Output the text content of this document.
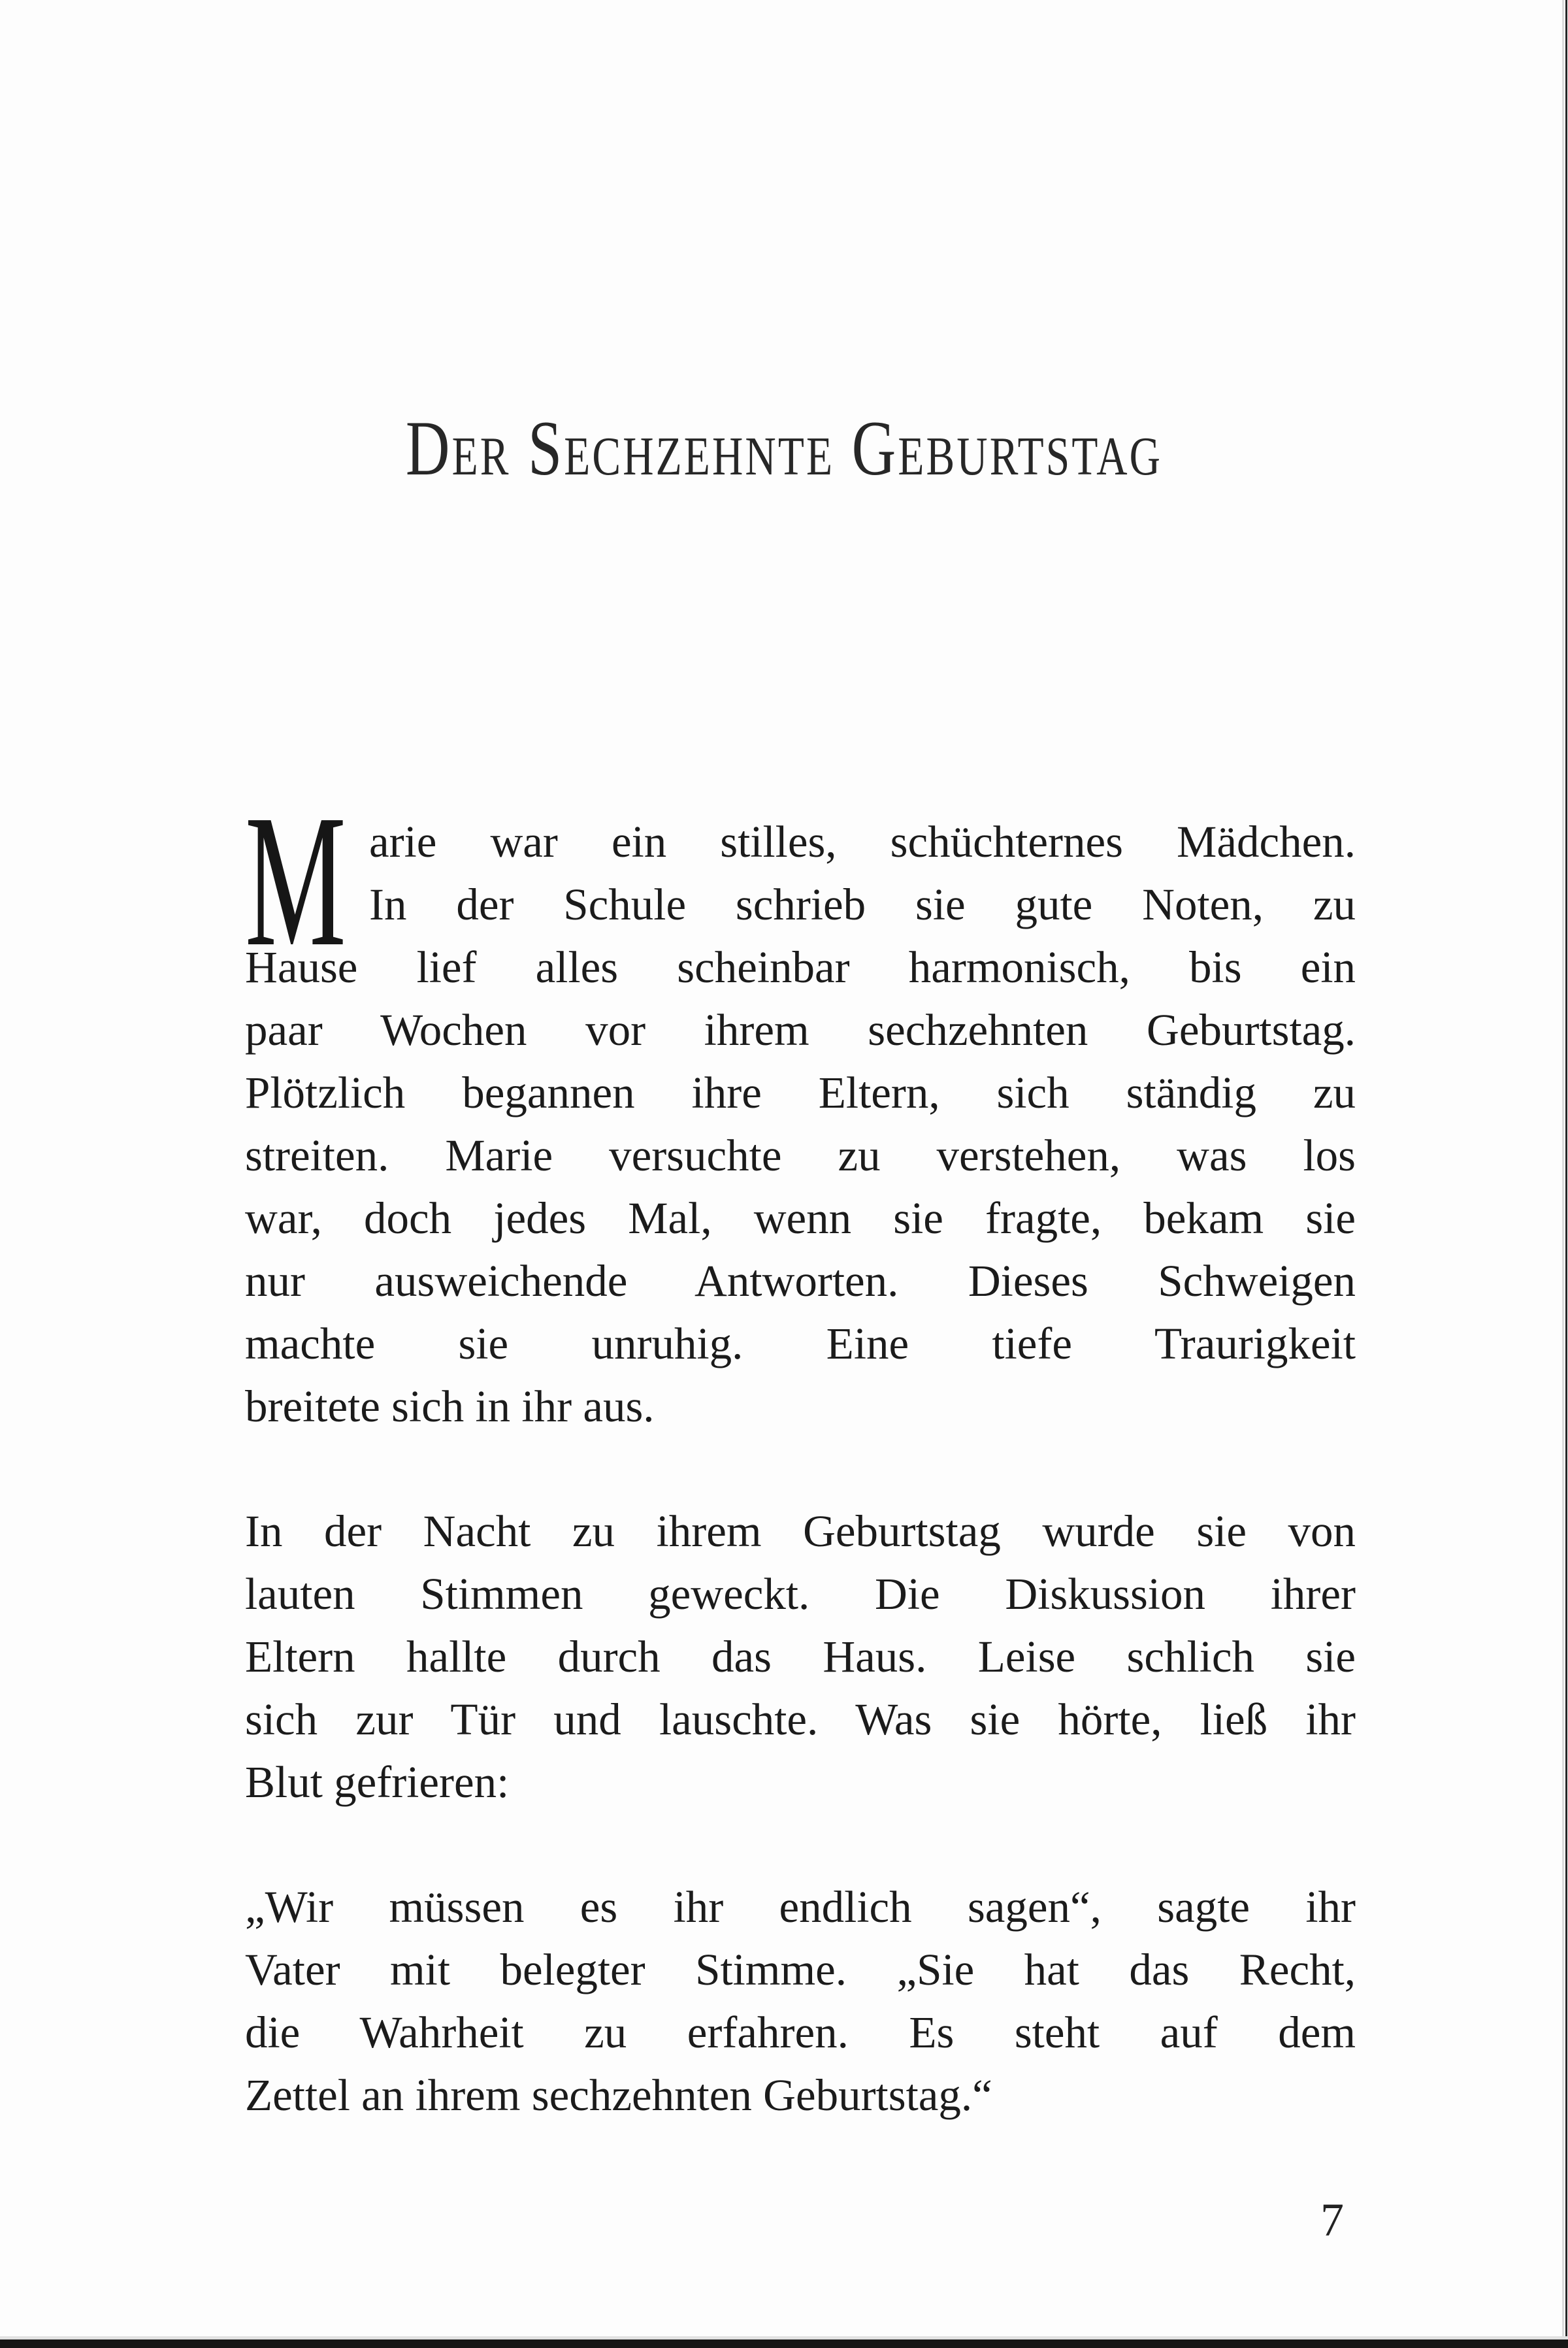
Der Sechzehnte Geburtstag
M arie war ein stilles, schüchternes Mädchen.
In der Schule schrieb sie gute Noten, zu
Hause lief alles scheinbar harmonisch, bis ein
paar Wochen vor ihrem sechzehnten Geburtstag.
Plötzlich begannen ihre Eltern, sich ständig zu
streiten. Marie versuchte zu verstehen, was los
war, doch jedes Mal, wenn sie fragte, bekam sie
nur ausweichende Antworten. Dieses Schweigen
machte sie unruhig. Eine tiefe Traurigkeit
breitete sich in ihr aus.
In der Nacht zu ihrem Geburtstag wurde sie von
lauten Stimmen geweckt. Die Diskussion ihrer
Eltern hallte durch das Haus. Leise schlich sie
sich zur Tür und lauschte. Was sie hörte, ließ ihr
Blut gefrieren:
„Wir müssen es ihr endlich sagen“, sagte ihr
Vater mit belegter Stimme. „Sie hat das Recht,
die Wahrheit zu erfahren. Es steht auf dem
Zettel an ihrem sechzehnten Geburtstag.“
7
